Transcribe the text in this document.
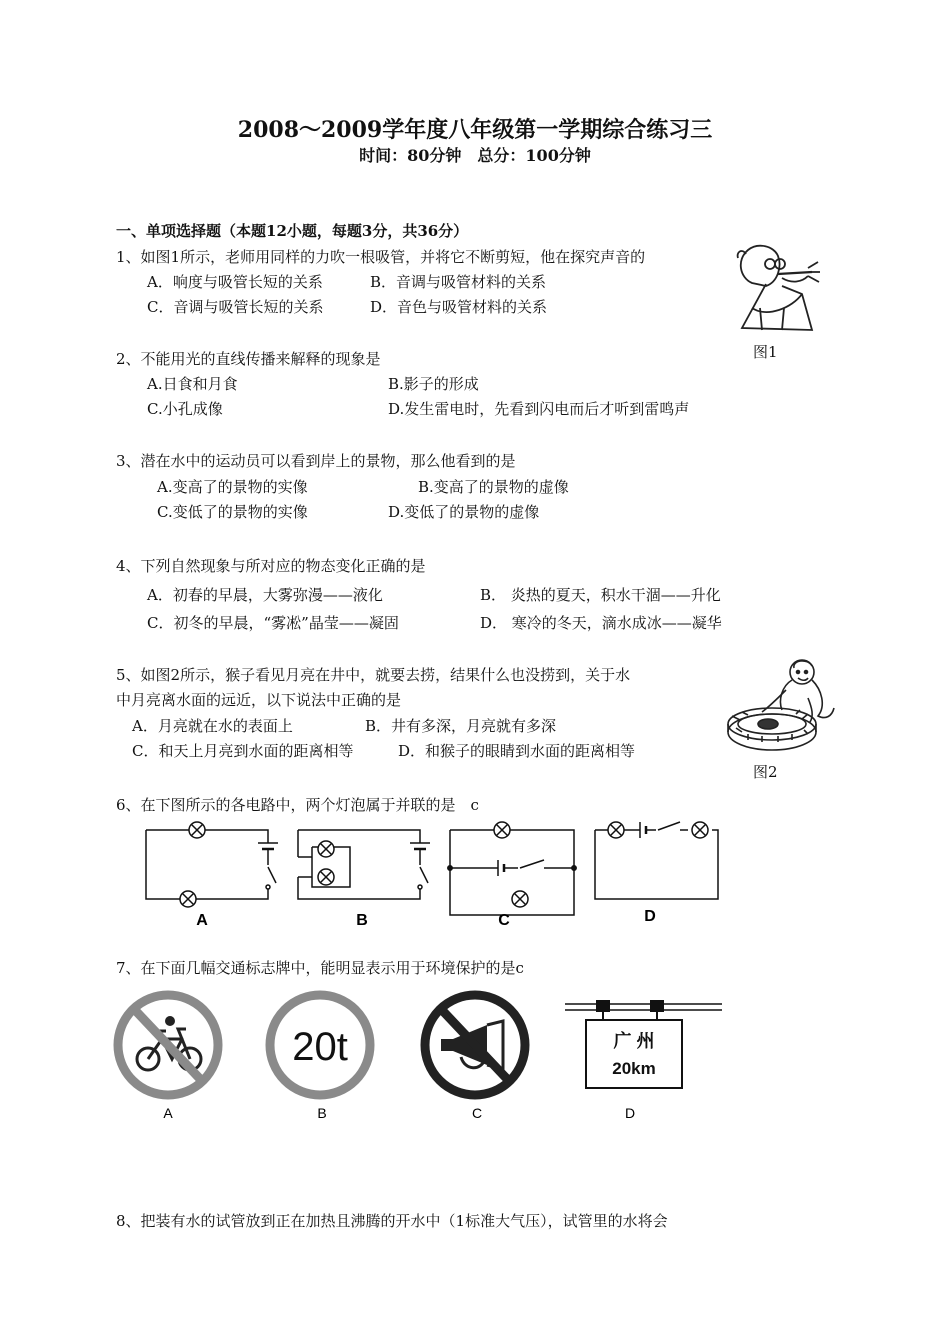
2008～2009学年度八年级第一学期综合练习三
时间：80分钟　总分：100分钟
一、单项选择题（本题12小题，每题3分，共36分）
1、如图1所示，老师用同样的力吹一根吸管，并将它不断剪短，他在探究声音的
A．响度与吸管长短的关系	B．音调与吸管材料的关系
C．音调与吸管长短的关系	D．音色与吸管材料的关系
图1
2、不能用光的直线传播来解释的现象是
A.日食和月食	B.影子的形成
C.小孔成像	D.发生雷电时，先看到闪电而后才听到雷鸣声
3、潜在水中的运动员可以看到岸上的景物，那么他看到的是
A.变高了的景物的实像	B.变高了的景物的虚像
C.变低了的景物的实像	D.变低了的景物的虚像
4、下列自然现象与所对应的物态变化正确的是
A．初春的早晨，大雾弥漫——液化	B． 炎热的夏天，积水干涸——升化
C．初冬的早晨，“雾凇”晶莹——凝固	D． 寒冷的冬天，滴水成冰——凝华
5、如图2所示，猴子看见月亮在井中，就要去捞，结果什么也没捞到，关于水
中月亮离水面的远近，以下说法中正确的是
A．月亮就在水的表面上	B．井有多深，月亮就有多深
C．和天上月亮到水面的距离相等	D．和猴子的眼睛到水面的距离相等
图2
6、在下图所示的各电路中，两个灯泡属于并联的是　c
A	B	C	D
7、在下面几幅交通标志牌中，能明显表示用于环境保护的是c
20t	广 州
20km
A	B	C	D
8、把装有水的试管放到正在加热且沸腾的开水中（1标准大气压），试管里的水将会
